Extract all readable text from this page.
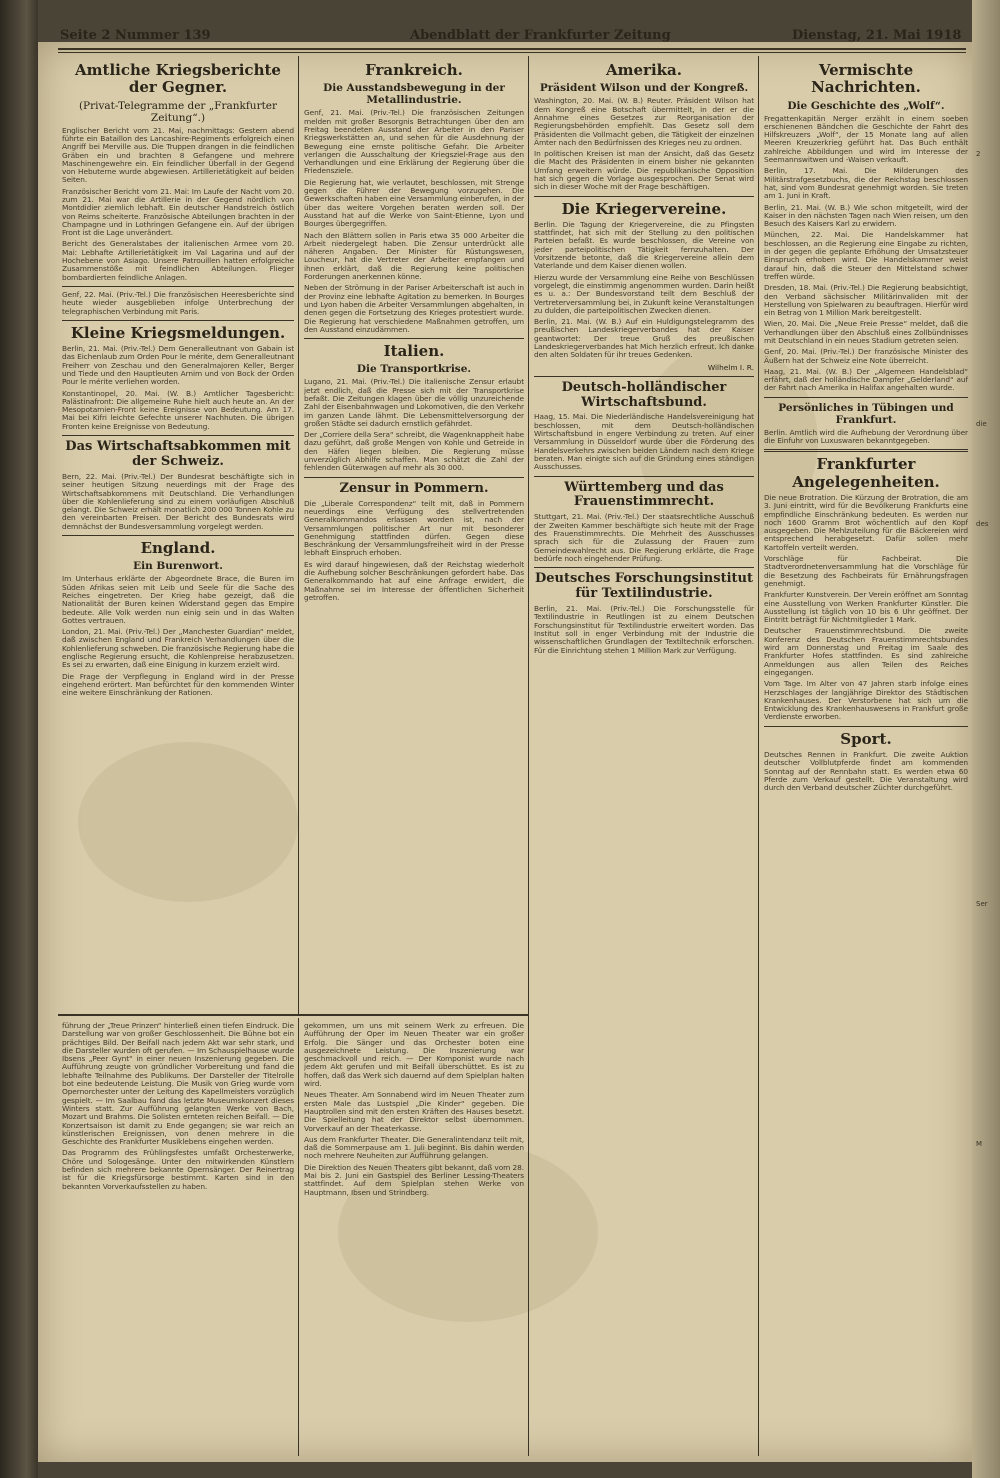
2
die
des
Ser
M
Seite 2 Nummer 139	Abendblatt der Frankfurter Zeitung	Dienstag, 21. Mai 1918
Amtliche Kriegsberichte der Gegner.
(Privat-Telegramme der „Frankfurter Zeitung“.)

Englischer Bericht vom 21. Mai, nachmittags: Gestern abend führte ein Bataillon des Lancashire-Regiments erfolgreich einen Angriff bei Merville aus. Die Truppen drangen in die feindlichen Gräben ein und brachten 8 Gefangene und mehrere Maschinengewehre ein. Ein feindlicher Überfall in der Gegend von Hebuterne wurde abgewiesen. Artillerietätigkeit auf beiden Seiten.

Französischer Bericht vom 21. Mai: Im Laufe der Nacht vom 20. zum 21. Mai war die Artillerie in der Gegend nördlich von Montdidier ziemlich lebhaft. Ein deutscher Handstreich östlich von Reims scheiterte. Französische Abteilungen brachten in der Champagne und in Lothringen Gefangene ein. Auf der übrigen Front ist die Lage unverändert.

Bericht des Generalstabes der italienischen Armee vom 20. Mai: Lebhafte Artillerietätigkeit im Val Lagarina und auf der Hochebene von Asiago. Unsere Patrouillen hatten erfolgreiche Zusammenstöße mit feindlichen Abteilungen. Flieger bombardierten feindliche Anlagen.

Genf, 22. Mai. (Priv.-Tel.) Die französischen Heeresberichte sind heute wieder ausgeblieben infolge Unterbrechung der telegraphischen Verbindung mit Paris.

Kleine Kriegsmeldungen.

Berlin, 21. Mai. (Priv.-Tel.) Dem Generalleutnant von Gabain ist das Eichenlaub zum Orden Pour le mérite, dem Generalleutnant Freiherr von Zeschau und den Generalmajoren Keller, Berger und Tiede und den Hauptleuten Arnim und von Bock der Orden Pour le mérite verliehen worden.

Konstantinopel, 20. Mai. (W. B.) Amtlicher Tagesbericht: Palästinafront: Die allgemeine Ruhe hielt auch heute an. An der Mesopotamien-Front keine Ereignisse von Bedeutung. Am 17. Mai bei Kifri leichte Gefechte unserer Nachhuten. Die übrigen Fronten keine Ereignisse von Bedeutung.

Das Wirtschaftsabkommen mit der Schweiz.

Bern, 22. Mai. (Priv.-Tel.) Der Bundesrat beschäftigte sich in seiner heutigen Sitzung neuerdings mit der Frage des Wirtschaftsabkommens mit Deutschland. Die Verhandlungen über die Kohlenlieferung sind zu einem vorläufigen Abschluß gelangt. Die Schweiz erhält monatlich 200 000 Tonnen Kohle zu den vereinbarten Preisen. Der Bericht des Bundesrats wird demnächst der Bundesversammlung vorgelegt werden.

England.
Ein Burenwort.

Im Unterhaus erklärte der Abgeordnete Brace, die Buren im Süden Afrikas seien mit Leib und Seele für die Sache des Reiches eingetreten. Der Krieg habe gezeigt, daß die Nationalität der Buren keinen Widerstand gegen das Empire bedeute. Alle Volk werden nun einig sein und in das Walten Gottes vertrauen.

London, 21. Mai. (Priv.-Tel.) Der „Manchester Guardian“ meldet, daß zwischen England und Frankreich Verhandlungen über die Kohlenlieferung schweben. Die französische Regierung habe die englische Regierung ersucht, die Kohlenpreise herabzusetzen. Es sei zu erwarten, daß eine Einigung in kurzem erzielt wird.

Die Frage der Verpflegung in England wird in der Presse eingehend erörtert. Man befürchtet für den kommenden Winter eine weitere Einschränkung der Rationen.

Frankreich.
Die Ausstandsbewegung in der Metallindustrie.

Genf, 21. Mai. (Priv.-Tel.) Die französischen Zeitungen melden mit großer Besorgnis Betrachtungen über den am Freitag beendeten Ausstand der Arbeiter in den Pariser Kriegswerkstätten an, und sehen für die Ausdehnung der Bewegung eine ernste politische Gefahr. Die Arbeiter verlangen die Ausschaltung der Kriegsziel-Frage aus den Verhandlungen und eine Erklärung der Regierung über die Friedensziele.

Die Regierung hat, wie verlautet, beschlossen, mit Strenge gegen die Führer der Bewegung vorzugehen. Die Gewerkschaften haben eine Versammlung einberufen, in der über das weitere Vorgehen beraten werden soll. Der Ausstand hat auf die Werke von Saint-Etienne, Lyon und Bourges übergegriffen.

Nach den Blättern sollen in Paris etwa 35 000 Arbeiter die Arbeit niedergelegt haben. Die Zensur unterdrückt alle näheren Angaben. Der Minister für Rüstungswesen, Loucheur, hat die Vertreter der Arbeiter empfangen und ihnen erklärt, daß die Regierung keine politischen Forderungen anerkennen könne.

Neben der Strömung in der Pariser Arbeiterschaft ist auch in der Provinz eine lebhafte Agitation zu bemerken. In Bourges und Lyon haben die Arbeiter Versammlungen abgehalten, in denen gegen die Fortsetzung des Krieges protestiert wurde. Die Regierung hat verschiedene Maßnahmen getroffen, um den Ausstand einzudämmen.

Italien.
Die Transportkrise.

Lugano, 21. Mai. (Priv.-Tel.) Die italienische Zensur erlaubt jetzt endlich, daß die Presse sich mit der Transportkrise befaßt. Die Zeitungen klagen über die völlig unzureichende Zahl der Eisenbahnwagen und Lokomotiven, die den Verkehr im ganzen Lande lähmt. Die Lebensmittelversorgung der großen Städte sei dadurch ernstlich gefährdet.

Der „Corriere della Sera“ schreibt, die Wagenknappheit habe dazu geführt, daß große Mengen von Kohle und Getreide in den Häfen liegen bleiben. Die Regierung müsse unverzüglich Abhilfe schaffen. Man schätzt die Zahl der fehlenden Güterwagen auf mehr als 30 000.

Zensur in Pommern.

Die „Liberale Correspondenz“ teilt mit, daß in Pommern neuerdings eine Verfügung des stellvertretenden Generalkommandos erlassen worden ist, nach der Versammlungen politischer Art nur mit besonderer Genehmigung stattfinden dürfen. Gegen diese Beschränkung der Versammlungsfreiheit wird in der Presse lebhaft Einspruch erhoben.

Es wird darauf hingewiesen, daß der Reichstag wiederholt die Aufhebung solcher Beschränkungen gefordert habe. Das Generalkommando hat auf eine Anfrage erwidert, die Maßnahme sei im Interesse der öffentlichen Sicherheit getroffen.

Amerika.
Präsident Wilson und der Kongreß.

Washington, 20. Mai. (W. B.) Reuter. Präsident Wilson hat dem Kongreß eine Botschaft übermittelt, in der er die Annahme eines Gesetzes zur Reorganisation der Regierungsbehörden empfiehlt. Das Gesetz soll dem Präsidenten die Vollmacht geben, die Tätigkeit der einzelnen Ämter nach den Bedürfnissen des Krieges neu zu ordnen.

In politischen Kreisen ist man der Ansicht, daß das Gesetz die Macht des Präsidenten in einem bisher nie gekannten Umfang erweitern würde. Die republikanische Opposition hat sich gegen die Vorlage ausgesprochen. Der Senat wird sich in dieser Woche mit der Frage beschäftigen.

Die Kriegervereine.

Berlin. Die Tagung der Kriegervereine, die zu Pfingsten stattfindet, hat sich mit der Stellung zu den politischen Parteien befaßt. Es wurde beschlossen, die Vereine von jeder parteipolitischen Tätigkeit fernzuhalten. Der Vorsitzende betonte, daß die Kriegervereine allein dem Vaterlande und dem Kaiser dienen wollen.

Hierzu wurde der Versammlung eine Reihe von Beschlüssen vorgelegt, die einstimmig angenommen wurden. Darin heißt es u. a.: Der Bundesvorstand teilt dem Beschluß der Vertreterversammlung bei, in Zukunft keine Veranstaltungen zu dulden, die parteipolitischen Zwecken dienen.

Berlin, 21. Mai. (W. B.) Auf ein Huldigungstelegramm des preußischen Landeskriegerverbandes hat der Kaiser geantwortet: Der treue Gruß des preußischen Landeskriegerverbandes hat Mich herzlich erfreut. Ich danke den alten Soldaten für ihr treues Gedenken.

Wilhelm I. R.

Deutsch-holländischer Wirtschaftsbund.

Haag, 15. Mai. Die Niederländische Handelsvereinigung hat beschlossen, mit dem Deutsch-holländischen Wirtschaftsbund in engere Verbindung zu treten. Auf einer Versammlung in Düsseldorf wurde über die Förderung des Handelsverkehrs zwischen beiden Ländern nach dem Kriege beraten. Man einigte sich auf die Gründung eines ständigen Ausschusses.

Württemberg und das Frauenstimmrecht.

Stuttgart, 21. Mai. (Priv.-Tel.) Der staatsrechtliche Ausschuß der Zweiten Kammer beschäftigte sich heute mit der Frage des Frauenstimmrechts. Die Mehrheit des Ausschusses sprach sich für die Zulassung der Frauen zum Gemeindewahlrecht aus. Die Regierung erklärte, die Frage bedürfe noch eingehender Prüfung.

Deutsches Forschungsinstitut für Textilindustrie.

Berlin, 21. Mai. (Priv.-Tel.) Die Forschungsstelle für Textilindustrie in Reutlingen ist zu einem Deutschen Forschungsinstitut für Textilindustrie erweitert worden. Das Institut soll in enger Verbindung mit der Industrie die wissenschaftlichen Grundlagen der Textiltechnik erforschen. Für die Einrichtung stehen 1 Million Mark zur Verfügung.

Vermischte Nachrichten.
Die Geschichte des „Wolf“.

Fregattenkapitän Nerger erzählt in einem soeben erschienenen Bändchen die Geschichte der Fahrt des Hilfskreuzers „Wolf“, der 15 Monate lang auf allen Meeren Kreuzerkrieg geführt hat. Das Buch enthält zahlreiche Abbildungen und wird im Interesse der Seemannswitwen und -Waisen verkauft.

Berlin, 17. Mai. Die Milderungen des Militärstrafgesetzbuchs, die der Reichstag beschlossen hat, sind vom Bundesrat genehmigt worden. Sie treten am 1. Juni in Kraft.

Berlin, 21. Mai. (W. B.) Wie schon mitgeteilt, wird der Kaiser in den nächsten Tagen nach Wien reisen, um den Besuch des Kaisers Karl zu erwidern.

München, 22. Mai. Die Handelskammer hat beschlossen, an die Regierung eine Eingabe zu richten, in der gegen die geplante Erhöhung der Umsatzsteuer Einspruch erhoben wird. Die Handelskammer weist darauf hin, daß die Steuer den Mittelstand schwer treffen würde.

Dresden, 18. Mai. (Priv.-Tel.) Die Regierung beabsichtigt, den Verband sächsischer Militärinvaliden mit der Herstellung von Spielwaren zu beauftragen. Hierfür wird ein Betrag von 1 Million Mark bereitgestellt.

Wien, 20. Mai. Die „Neue Freie Presse“ meldet, daß die Verhandlungen über den Abschluß eines Zollbündnisses mit Deutschland in ein neues Stadium getreten seien.

Genf, 20. Mai. (Priv.-Tel.) Der französische Minister des Äußern hat der Schweiz eine Note überreicht.

Haag, 21. Mai. (W. B.) Der „Algemeen Handelsblad“ erfährt, daß der holländische Dampfer „Gelderland“ auf der Fahrt nach Amerika in Halifax angehalten wurde.

Persönliches in Tübingen und Frankfurt.

Berlin. Amtlich wird die Aufhebung der Verordnung über die Einfuhr von Luxuswaren bekanntgegeben.

Frankfurter Angelegenheiten.

Die neue Brotration. Die Kürzung der Brotration, die am 3. Juni eintritt, wird für die Bevölkerung Frankfurts eine empfindliche Einschränkung bedeuten. Es werden nur noch 1600 Gramm Brot wöchentlich auf den Kopf ausgegeben. Die Mehlzuteilung für die Bäckereien wird entsprechend herabgesetzt. Dafür sollen mehr Kartoffeln verteilt werden.

Vorschläge für Fachbeirat. Die Stadtverordnetenversammlung hat die Vorschläge für die Besetzung des Fachbeirats für Ernährungsfragen genehmigt.

Frankfurter Kunstverein. Der Verein eröffnet am Sonntag eine Ausstellung von Werken Frankfurter Künstler. Die Ausstellung ist täglich von 10 bis 6 Uhr geöffnet. Der Eintritt beträgt für Nichtmitglieder 1 Mark.

Deutscher Frauenstimmrechtsbund. Die zweite Konferenz des Deutschen Frauenstimmrechtsbundes wird am Donnerstag und Freitag im Saale des Frankfurter Hofes stattfinden. Es sind zahlreiche Anmeldungen aus allen Teilen des Reiches eingegangen.

Vom Tage. Im Alter von 47 Jahren starb infolge eines Herzschlages der langjährige Direktor des Städtischen Krankenhauses. Der Verstorbene hat sich um die Entwicklung des Krankenhauswesens in Frankfurt große Verdienste erworben.

Sport.

Deutsches Rennen in Frankfurt. Die zweite Auktion deutscher Vollblutpferde findet am kommenden Sonntag auf der Rennbahn statt. Es werden etwa 60 Pferde zum Verkauf gestellt. Die Veranstaltung wird durch den Verband deutscher Züchter durchgeführt.

führung der „Treue Prinzen“ hinterließ einen tiefen Eindruck. Die Darstellung war von großer Geschlossenheit. Die Bühne bot ein prächtiges Bild. Der Beifall nach jedem Akt war sehr stark, und die Darsteller wurden oft gerufen. — Im Schauspielhause wurde Ibsens „Peer Gynt“ in einer neuen Inszenierung gegeben. Die Aufführung zeugte von gründlicher Vorbereitung und fand die lebhafte Teilnahme des Publikums. Der Darsteller der Titelrolle bot eine bedeutende Leistung. Die Musik von Grieg wurde vom Opernorchester unter der Leitung des Kapellmeisters vorzüglich gespielt. — Im Saalbau fand das letzte Museumskonzert dieses Winters statt. Zur Aufführung gelangten Werke von Bach, Mozart und Brahms. Die Solisten ernteten reichen Beifall. — Die Konzertsaison ist damit zu Ende gegangen; sie war reich an künstlerischen Ereignissen, von denen mehrere in die Geschichte des Frankfurter Musiklebens eingehen werden.

Das Programm des Frühlingsfestes umfaßt Orchesterwerke, Chöre und Sologesänge. Unter den mitwirkenden Künstlern befinden sich mehrere bekannte Opernsänger. Der Reinertrag ist für die Kriegsfürsorge bestimmt. Karten sind in den bekannten Vorverkaufsstellen zu haben.

gekommen, um uns mit seinem Werk zu erfreuen. Die Aufführung der Oper im Neuen Theater war ein großer Erfolg. Die Sänger und das Orchester boten eine ausgezeichnete Leistung. Die Inszenierung war geschmackvoll und reich. — Der Komponist wurde nach jedem Akt gerufen und mit Beifall überschüttet. Es ist zu hoffen, daß das Werk sich dauernd auf dem Spielplan halten wird.

Neues Theater. Am Sonnabend wird im Neuen Theater zum ersten Male das Lustspiel „Die Kinder“ gegeben. Die Hauptrollen sind mit den ersten Kräften des Hauses besetzt. Die Spielleitung hat der Direktor selbst übernommen. Vorverkauf an der Theaterkasse.

Aus dem Frankfurter Theater. Die Generalintendanz teilt mit, daß die Sommerpause am 1. Juli beginnt. Bis dahin werden noch mehrere Neuheiten zur Aufführung gelangen.

Die Direktion des Neuen Theaters gibt bekannt, daß vom 28. Mai bis 2. Juni ein Gastspiel des Berliner Lessing-Theaters stattfindet. Auf dem Spielplan stehen Werke von Hauptmann, Ibsen und Strindberg.
